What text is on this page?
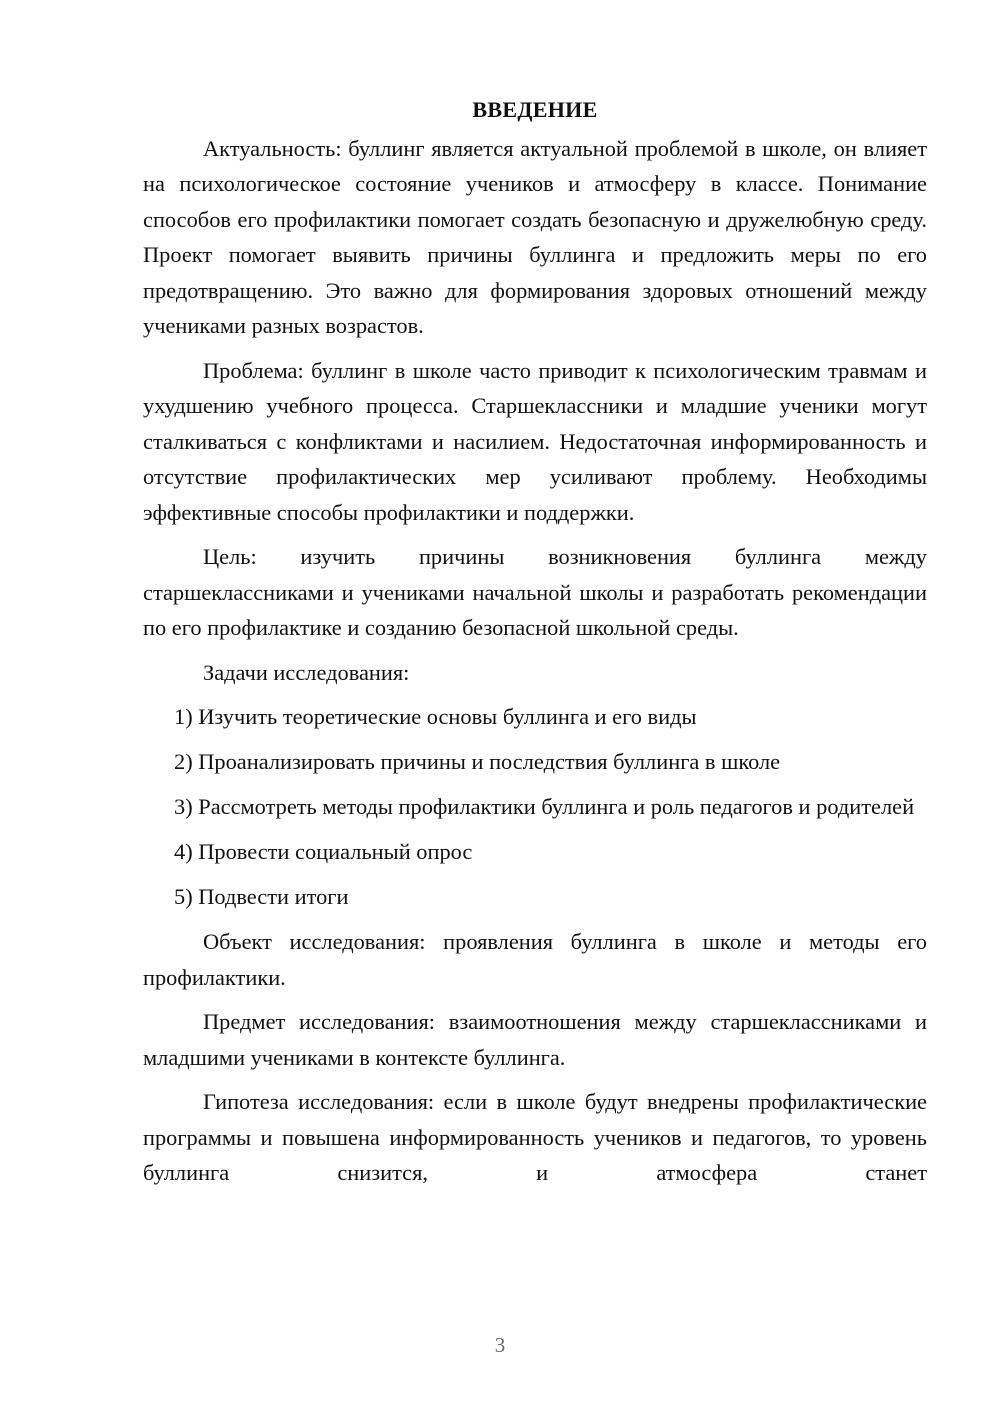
ВВЕДЕНИЕ

Актуальность: буллинг является актуальной проблемой в школе, он влияет на психологическое состояние учеников и атмосферу в классе. Понимание способов его профилактики помогает создать безопасную и дружелюбную среду. Проект помогает выявить причины буллинга и предложить меры по его предотвращению. Это важно для формирования здоровых отношений между учениками разных возрастов.

Проблема: буллинг в школе часто приводит к психологическим травмам и ухудшению учебного процесса. Старшеклассники и младшие ученики могут сталкиваться с конфликтами и насилием. Недостаточная информированность и отсутствие профилактических мер усиливают проблему. Необходимы эффективные способы профилактики и поддержки.

Цель: изучить причины возникновения буллинга между старшеклассниками и учениками начальной школы и разработать рекомендации по его профилактике и созданию безопасной школьной среды.

Задачи исследования:

1) Изучить теоретические основы буллинга и его виды

2) Проанализировать причины и последствия буллинга в школе

3) Рассмотреть методы профилактики буллинга и роль педагогов и родителей

4) Провести социальный опрос

5) Подвести итоги

Объект исследования: проявления буллинга в школе и методы его профилактики.

Предмет исследования: взаимоотношения между старшеклассниками и младшими учениками в контексте буллинга.

Гипотеза исследования: если в школе будут внедрены профилактические программы и повышена информированность учеников и педагогов, то уровень буллинга снизится, и атмосфера станет

3
